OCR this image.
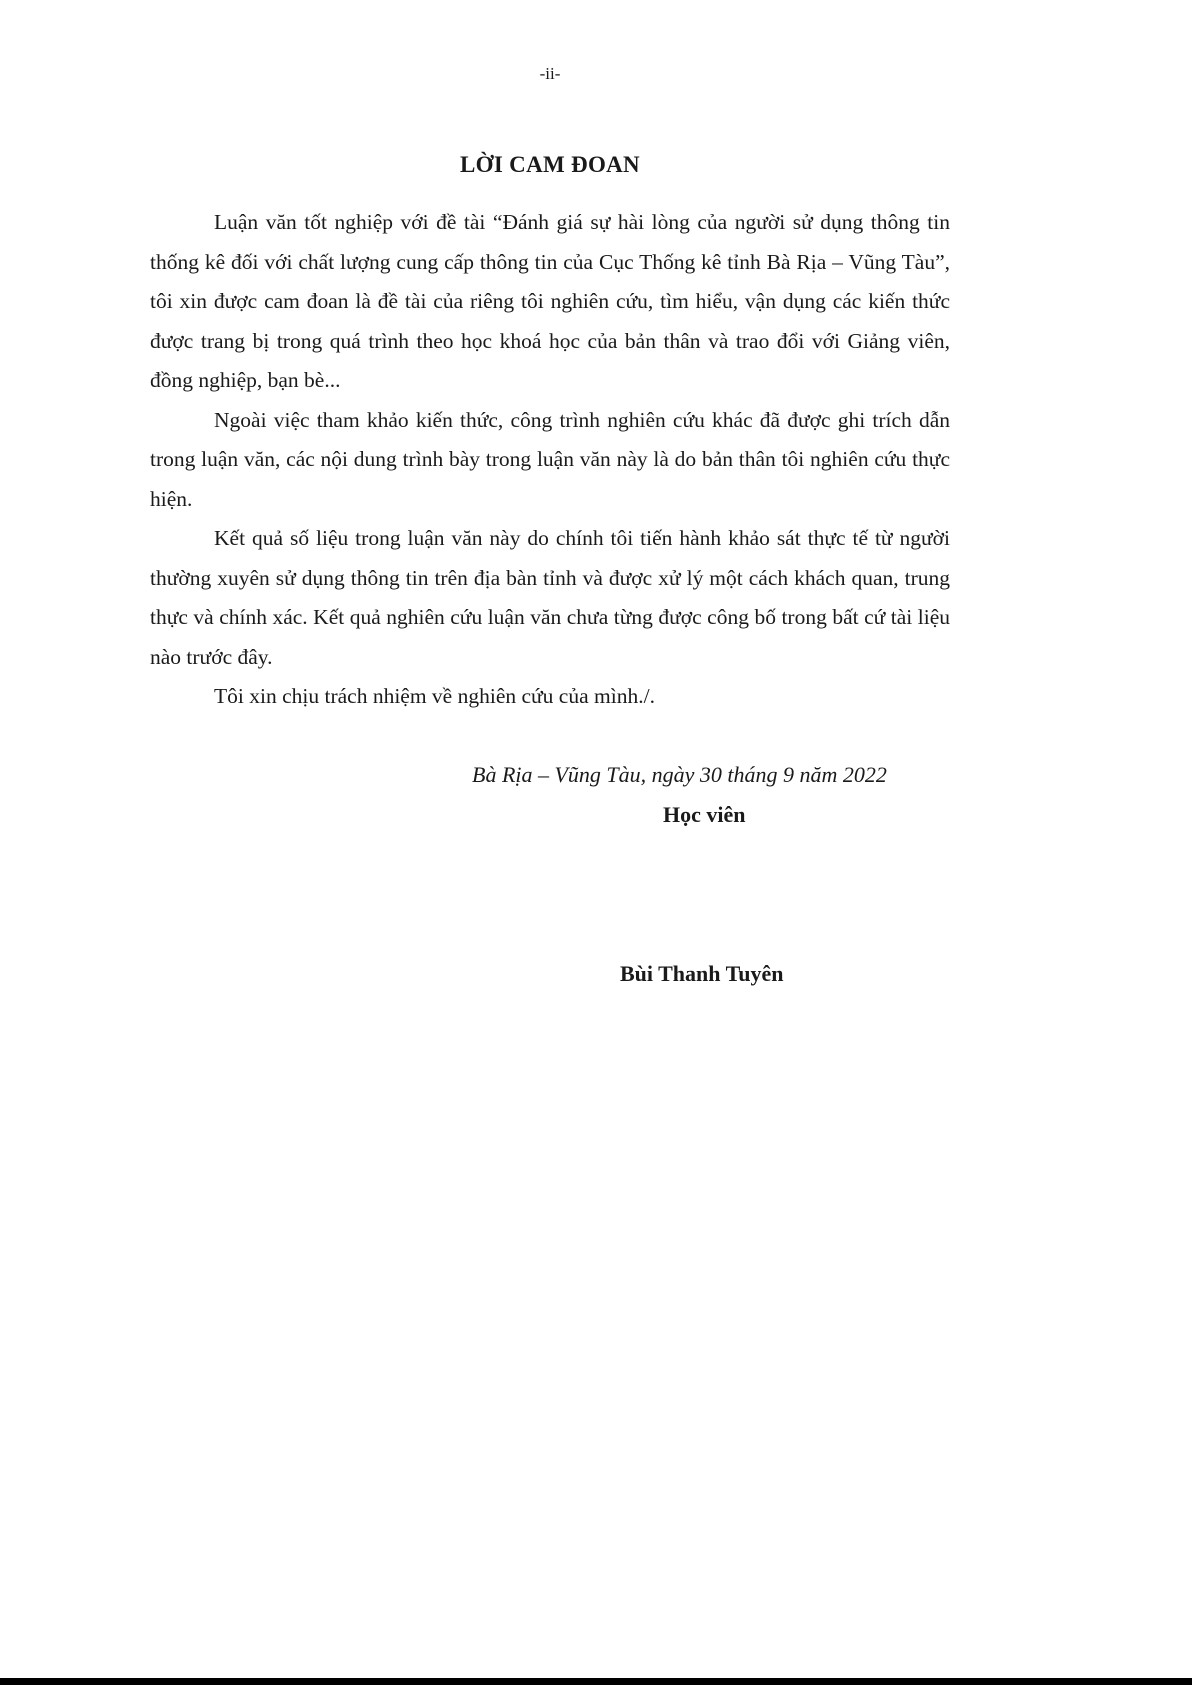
-ii-
LỜI CAM ĐOAN

Luận văn tốt nghiệp với đề tài “Đánh giá sự hài lòng của người sử dụng thông tin thống kê đối với chất lượng cung cấp thông tin của Cục Thống kê tỉnh Bà Rịa – Vũng Tàu”, tôi xin được cam đoan là đề tài của riêng tôi nghiên cứu, tìm hiểu, vận dụng các kiến thức được trang bị trong quá trình theo học khoá học của bản thân và trao đổi với Giảng viên, đồng nghiệp, bạn bè...

Ngoài việc tham khảo kiến thức, công trình nghiên cứu khác đã được ghi trích dẫn trong luận văn, các nội dung trình bày trong luận văn này là do bản thân tôi nghiên cứu thực hiện.

Kết quả số liệu trong luận văn này do chính tôi tiến hành khảo sát thực tế từ người thường xuyên sử dụng thông tin trên địa bàn tỉnh và được xử lý một cách khách quan, trung thực và chính xác. Kết quả nghiên cứu luận văn chưa từng được công bố trong bất cứ tài liệu nào trước đây.

Tôi xin chịu trách nhiệm về nghiên cứu của mình./.

Bà Rịa – Vũng Tàu, ngày 30 tháng 9 năm 2022
Học viên
Bùi Thanh Tuyên
